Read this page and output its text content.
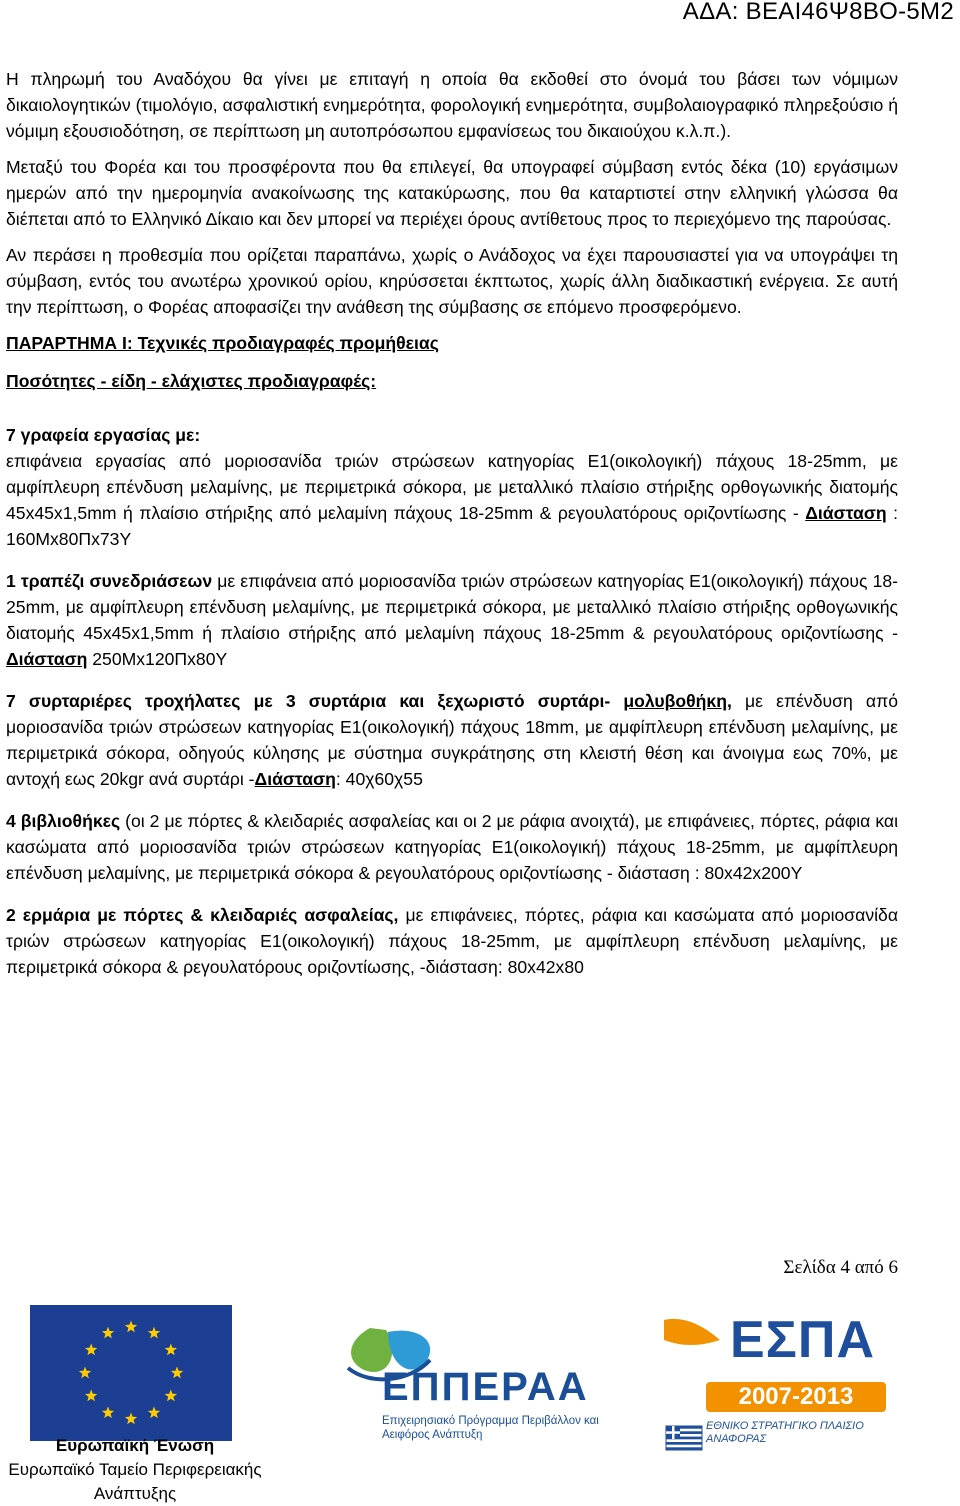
ΑΔΑ: ΒΕΑΙ46Ψ8ΒΟ-5Μ2

Η πληρωμή του Αναδόχου θα γίνει με επιταγή η οποία θα εκδοθεί στο όνομά του βάσει των νόμιμων δικαιολογητικών (τιμολόγιο, ασφαλιστική ενημερότητα, φορολογική ενημερότητα, συμβολαιογραφικό πληρεξούσιο ή νόμιμη εξουσιοδότηση, σε περίπτωση μη αυτοπρόσωπου εμφανίσεως του δικαιούχου κ.λ.π.).

Μεταξύ του Φορέα και του προσφέροντα που θα επιλεγεί, θα υπογραφεί σύμβαση εντός δέκα (10) εργάσιμων ημερών από την ημερομηνία ανακοίνωσης της κατακύρωσης, που θα καταρτιστεί στην ελληνική γλώσσα θα διέπεται από το Ελληνικό Δίκαιο και δεν μπορεί να περιέχει όρους αντίθετους προς το περιεχόμενο της παρούσας.

Αν περάσει η προθεσμία που ορίζεται παραπάνω, χωρίς ο Ανάδοχος να έχει παρουσιαστεί για να υπογράψει τη σύμβαση, εντός του ανωτέρω χρονικού ορίου, κηρύσσεται έκπτωτος, χωρίς άλλη διαδικαστική ενέργεια. Σε αυτή την περίπτωση, ο Φορέας αποφασίζει την ανάθεση της σύμβασης σε επόμενο προσφερόμενο.

ΠΑΡΑΡΤΗΜΑ Ι: Τεχνικές προδιαγραφές προμήθειας

Ποσότητες - είδη - ελάχιστες προδιαγραφές:

7 γραφεία εργασίας με:
επιφάνεια εργασίας από μοριοσανίδα τριών στρώσεων κατηγορίας Ε1(οικολογική) πάχους 18-25mm, με αμφίπλευρη επένδυση μελαμίνης, με περιμετρικά σόκορα, με μεταλλικό πλαίσιο στήριξης ορθογωνικής διατομής 45x45x1,5mm ή πλαίσιο στήριξης από μελαμίνη πάχους 18-25mm & ρεγουλατόρους οριζοντίωσης - Διάσταση : 160Μx80Πx73Υ

1 τραπέζι συνεδριάσεων με επιφάνεια από μοριοσανίδα τριών στρώσεων κατηγορίας Ε1(οικολογική) πάχους 18-25mm, με αμφίπλευρη επένδυση μελαμίνης, με περιμετρικά σόκορα, με μεταλλικό πλαίσιο στήριξης ορθογωνικής διατομής 45x45x1,5mm ή πλαίσιο στήριξης από μελαμίνη πάχους 18-25mm & ρεγουλατόρους οριζοντίωσης - Διάσταση 250Μx120Πx80Υ

7 συρταριέρες τροχήλατες με 3 συρτάρια και ξεχωριστό συρτάρι- μολυβοθήκη, με επένδυση από μοριοσανίδα τριών στρώσεων κατηγορίας Ε1(οικολογική) πάχους 18mm, με αμφίπλευρη επένδυση μελαμίνης, με περιμετρικά σόκορα, οδηγούς κύλησης με σύστημα συγκράτησης στη κλειστή θέση και άνοιγμα εως 70%, με αντοχή εως 20kgr ανά συρτάρι -Διάσταση: 40χ60χ55

4 βιβλιοθήκες (οι 2 με πόρτες & κλειδαριές ασφαλείας και οι 2 με ράφια ανοιχτά), με επιφάνειες, πόρτες, ράφια και κασώματα από μοριοσανίδα τριών στρώσεων κατηγορίας Ε1(οικολογική) πάχους 18-25mm, με αμφίπλευρη επένδυση μελαμίνης, με περιμετρικά σόκορα & ρεγουλατόρους οριζοντίωσης - διάσταση : 80x42x200Υ

2 ερμάρια με πόρτες & κλειδαριές ασφαλείας, με επιφάνειες, πόρτες, ράφια και κασώματα από μοριοσανίδα τριών στρώσεων κατηγορίας Ε1(οικολογική) πάχους 18-25mm, με αμφίπλευρη επένδυση μελαμίνης, με περιμετρικά σόκορα & ρεγουλατόρους οριζοντίωσης, -διάσταση: 80x42x80

Σελίδα 4 από 6
Ευρωπαϊκή Ένωση
Ευρωπαϊκό Ταμείο Περιφερειακής Ανάπτυξης
ΕΠΠΕΡΑΑ
Επιχειρησιακό Πρόγραμμα Περιβάλλον και Αειφόρος Ανάπτυξη
ΕΣΠΑ
2007-2013
ΕΘΝΙΚΟ ΣΤΡΑΤΗΓΙΚΟ ΠΛΑΙΣΙΟ ΑΝΑΦΟΡΑΣ
